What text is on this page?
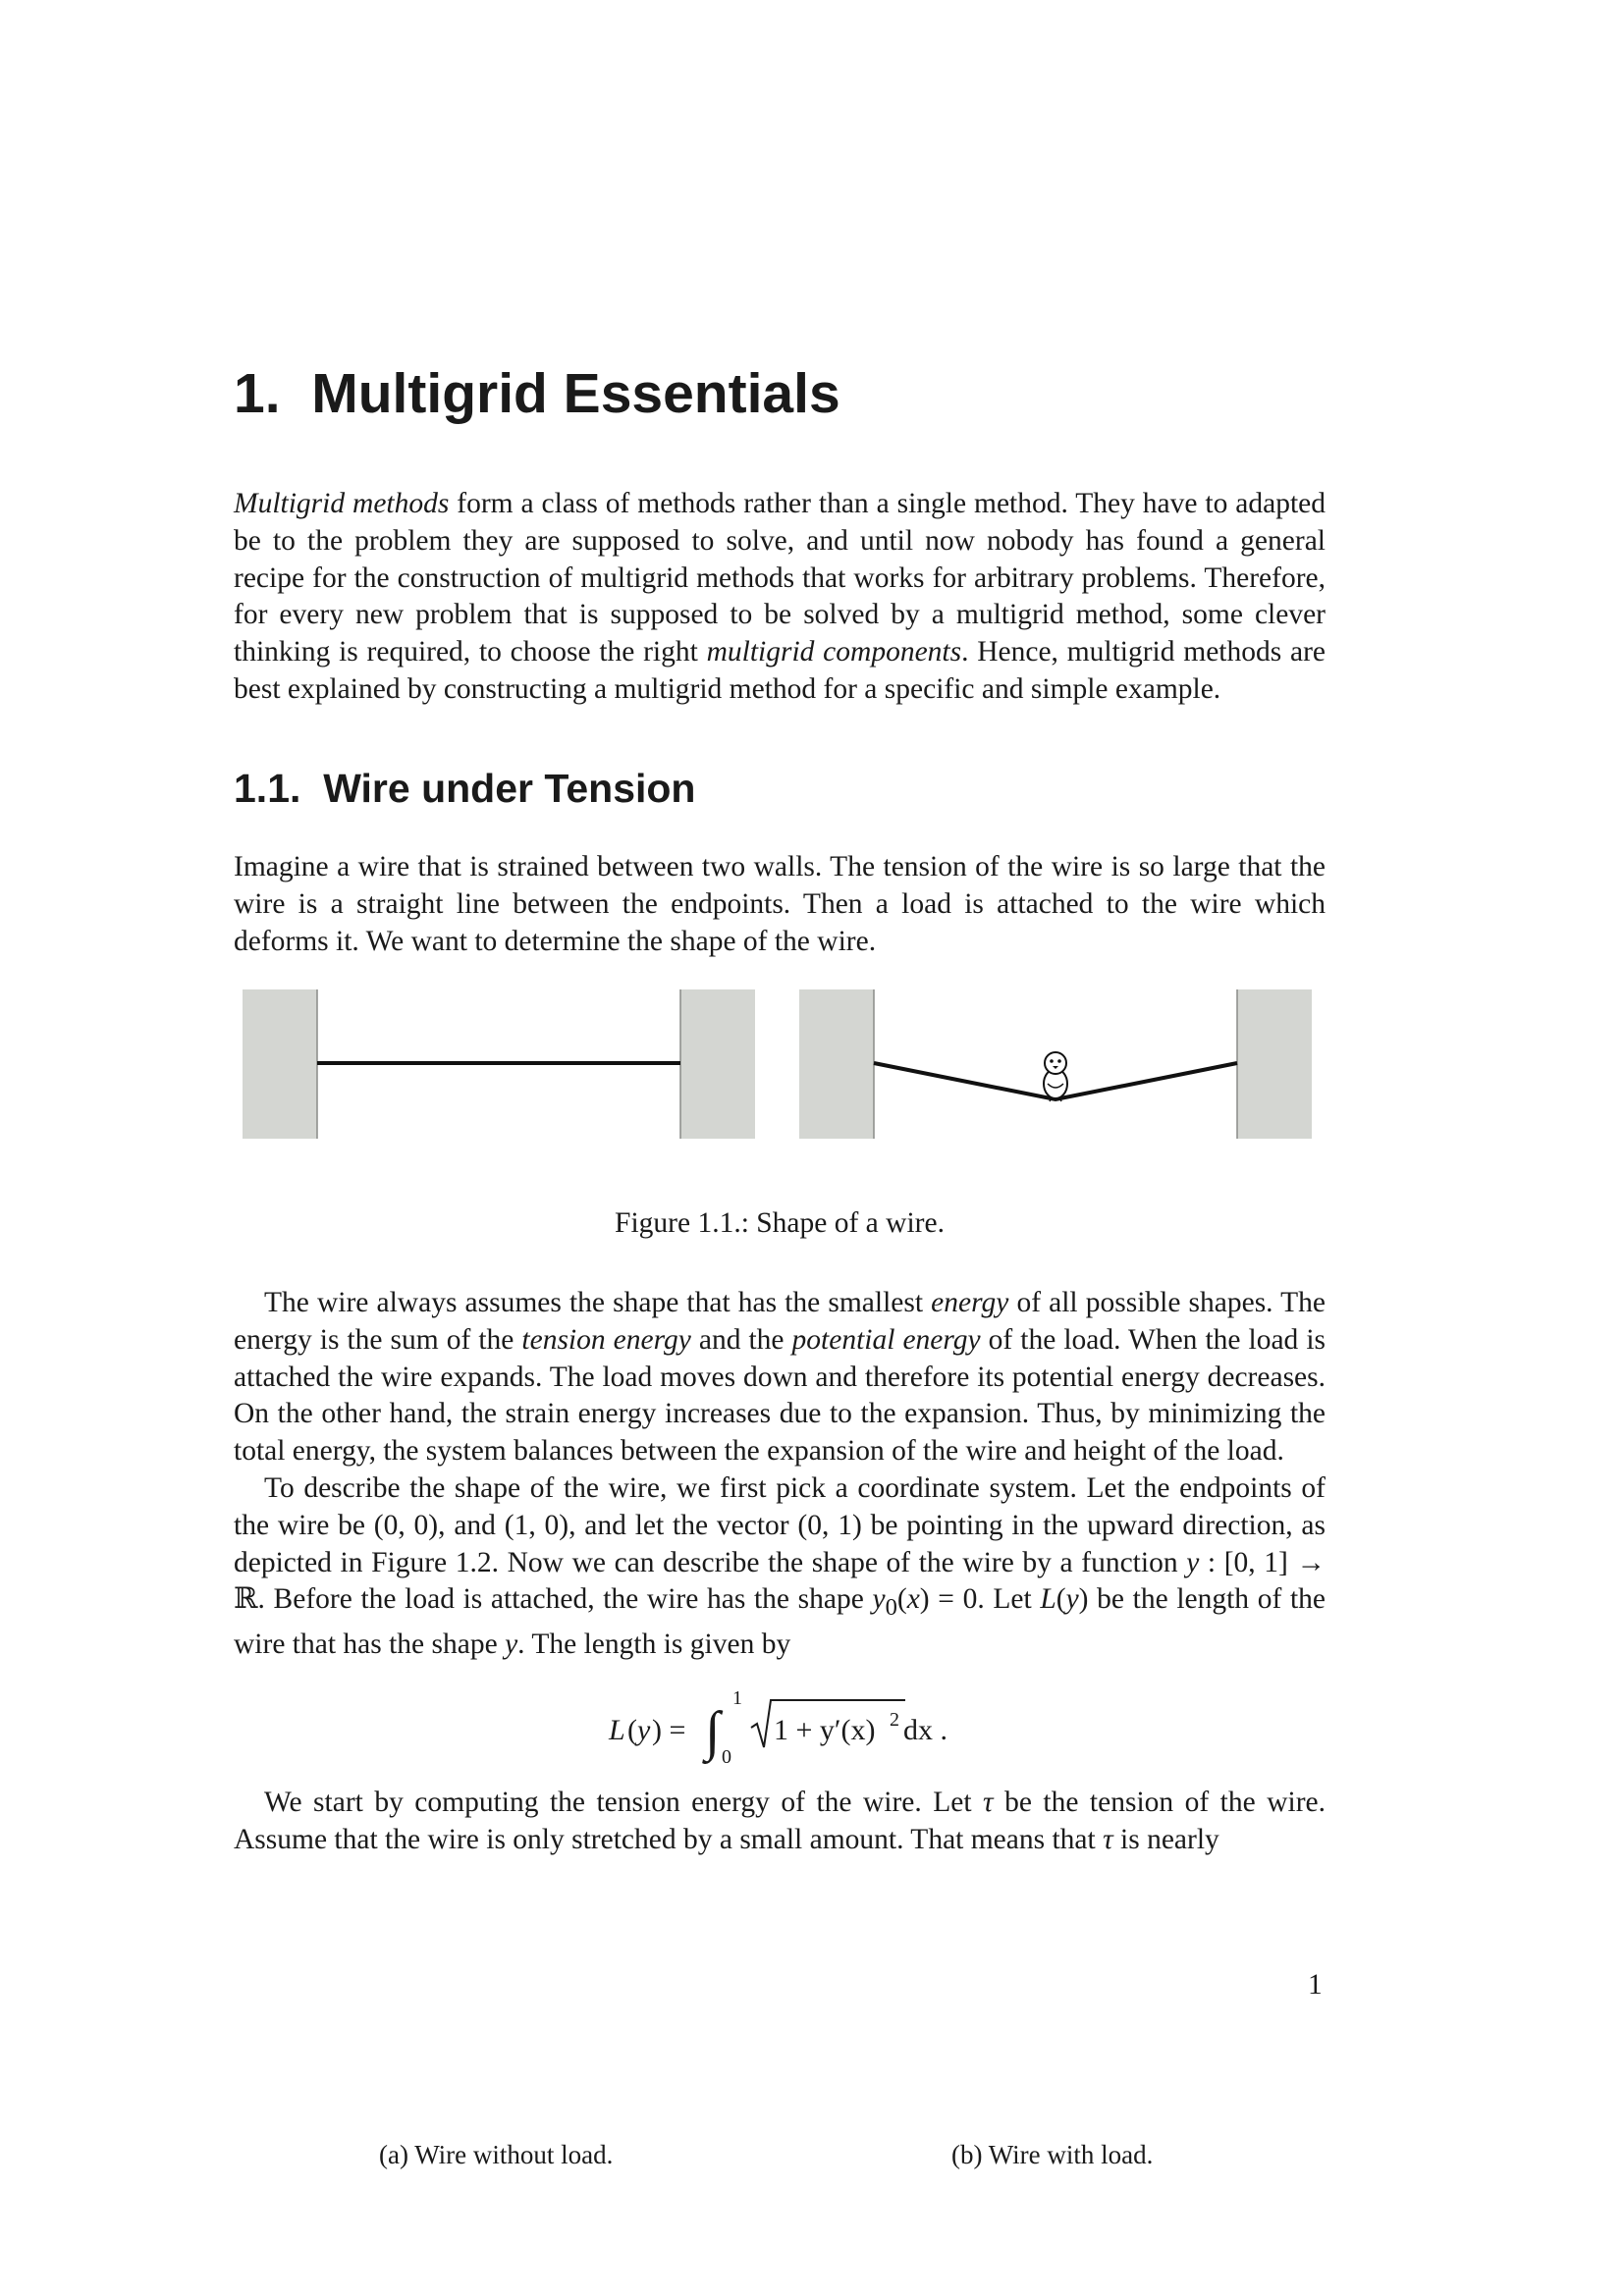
1. Multigrid Essentials

Multigrid methods form a class of methods rather than a single method. They have to adapted be to the problem they are supposed to solve, and until now nobody has found a general recipe for the construction of multigrid methods that works for arbitrary problems. Therefore, for every new problem that is supposed to be solved by a multigrid method, some clever thinking is required, to choose the right multigrid components. Hence, multigrid methods are best explained by constructing a multigrid method for a specific and simple example.

1.1. Wire under Tension

Imagine a wire that is strained between two walls. The tension of the wire is so large that the wire is a straight line between the endpoints. Then a load is attached to the wire which deforms it. We want to determine the shape of the wire.

(a) Wire without load.	(b) Wire with load.
Figure 1.1.: Shape of a wire.

The wire always assumes the shape that has the smallest energy of all possible shapes. The energy is the sum of the tension energy and the potential energy of the load. When the load is attached the wire expands. The load moves down and therefore its potential energy decreases. On the other hand, the strain energy increases due to the expansion. Thus, by minimizing the total energy, the system balances between the expansion of the wire and height of the load.

To describe the shape of the wire, we first pick a coordinate system. Let the endpoints of the wire be (0, 0), and (1, 0), and let the vector (0, 1) be pointing in the upward direction, as depicted in Figure 1.2. Now we can describe the shape of the wire by a function y : [0, 1] → ℝ. Before the load is attached, the wire has the shape $y_0(x) = 0$. Let L(y) be the length of the wire that has the shape y. The length is given by

L ( y ) = ∫
1
0
1 + y′(x) 2 dx .

We start by computing the tension energy of the wire. Let τ be the tension of the wire. Assume that the wire is only stretched by a small amount. That means that τ is nearly

1
